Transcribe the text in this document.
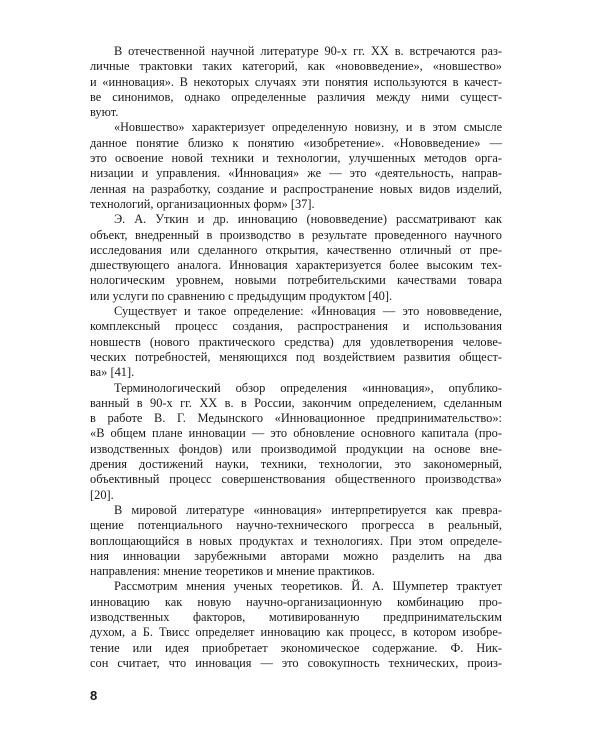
В отечественной научной литературе 90-х гг. XX в. встречаются раз-
личные трактовки таких категорий, как «нововведение», «новшество»
и «инновация». В некоторых случаях эти понятия используются в качест-
ве синонимов, однако определенные различия между ними сущест-
вуют.
«Новшество» характеризует определенную новизну, и в этом смысле
данное понятие близко к понятию «изобретение». «Нововведение» —
это освоение новой техники и технологии, улучшенных методов орга-
низации и управления. «Инновация» же — это «деятельность, направ-
ленная на разработку, создание и распространение новых видов изделий,
технологий, организационных форм» [37].
Э. А. Уткин и др. инновацию (нововведение) рассматривают как
объект, внедренный в производство в результате проведенного научного
исследования или сделанного открытия, качественно отличный от пре-
дшествующего аналога. Инновация характеризуется более высоким тех-
нологическим уровнем, новыми потребительскими качествами товара
или услуги по сравнению с предыдущим продуктом [40].
Существует и такое определение: «Инновация — это нововведение,
комплексный процесс создания, распространения и использования
новшеств (нового практического средства) для удовлетворения челове-
ческих потребностей, меняющихся под воздействием развития общест-
ва» [41].
Терминологический обзор определения «инновация», опублико-
ванный в 90-х гг. XX в. в России, закончим определением, сделанным
в работе В. Г. Медынского «Инновационное предпринимательство»:
«В общем плане инновации — это обновление основного капитала (про-
изводственных фондов) или производимой продукции на основе вне-
дрения достижений науки, техники, технологии, это закономерный,
объективный процесс совершенствования общественного производства»
[20].
В мировой литературе «инновация» интерпретируется как превра-
щение потенциального научно-технического прогресса в реальный,
воплощающийся в новых продуктах и технологиях. При этом определе-
ния инновации зарубежными авторами можно разделить на два
направления: мнение теоретиков и мнение практиков.
Рассмотрим мнения ученых теоретиков. Й. А. Шумпетер трактует
инновацию как новую научно-организационную комбинацию про-
изводственных факторов, мотивированную предпринимательским
духом, а Б. Твисс определяет инновацию как процесс, в котором изобре-
тение или идея приобретает экономическое содержание. Ф. Ник-
сон считает, что инновация — это совокупность технических, произ-
8
